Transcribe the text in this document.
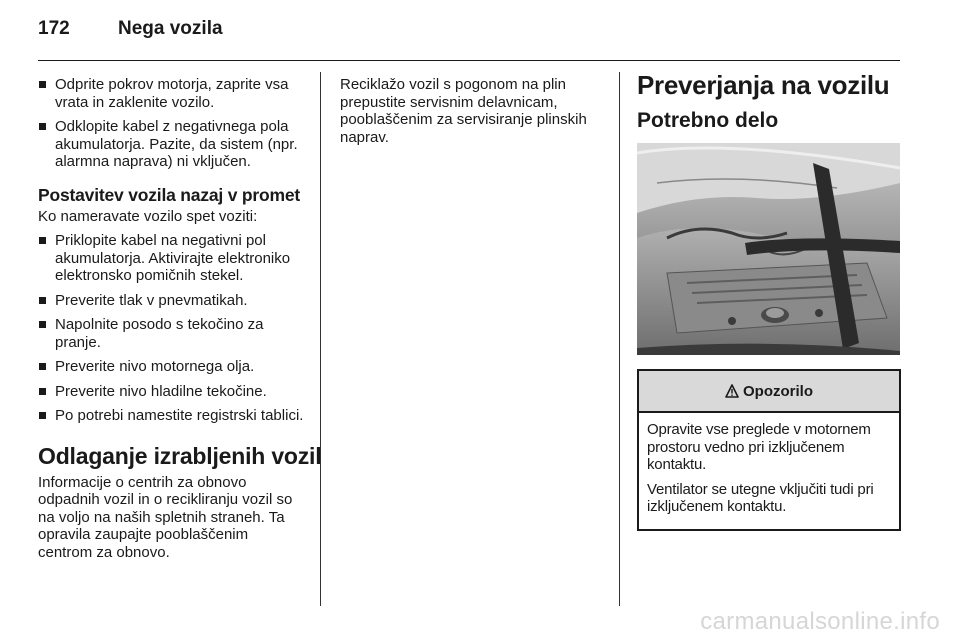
172	Nega vozila
Odprite pokrov motorja, zaprite vsa vrata in zaklenite vozilo.
Odklopite kabel z negativnega pola akumulatorja. Pazite, da sistem (npr. alarmna naprava) ni vključen.
Postavitev vozila nazaj v promet
Ko nameravate vozilo spet voziti:
Priklopite kabel na negativni pol akumulatorja. Aktivirajte elektroniko elektronsko pomičnih stekel.
Preverite tlak v pnevmatikah.
Napolnite posodo s tekočino za pranje.
Preverite nivo motornega olja.
Preverite nivo hladilne tekočine.
Po potrebi namestite registrski tablici.
Odlaganje izrabljenih vozil
Informacije o centrih za obnovo odpadnih vozil in o recikliranju vozil so na voljo na naših spletnih straneh. Ta opravila zaupajte pooblaščenim centrom za obnovo.
Reciklažo vozil s pogonom na plin prepustite servisnim delavnicam, pooblaščenim za servisiranje plinskih naprav.
Preverjanja na vozilu
Potrebno delo
Opozorilo
Opravite vse preglede v motornem prostoru vedno pri izključenem kontaktu.
Ventilator se utegne vključiti tudi pri izključenem kontaktu.
carmanualsonline.info
